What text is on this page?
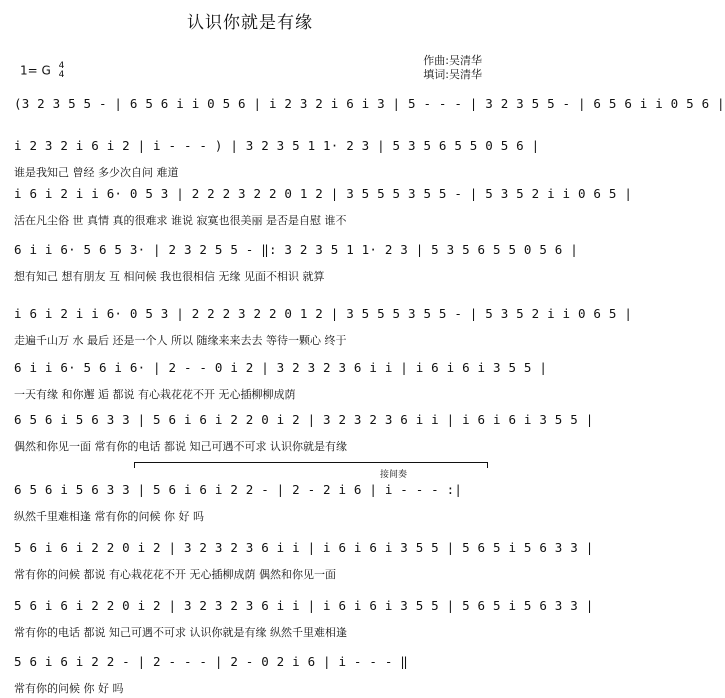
认识你就是有缘
1= G 4
4
作曲:吴清华
填词:吴清华
(3 2 3 5 5 - | 6 5 6 i i 0 5 6 | i 2 3 2 i 6 i 3 | 5 - - - | 3 2 3 5 5 - | 6 5 6 i i 0 5 6 |
i 2 3 2 i 6 i 2 | i - - - ) | 3 2 3 5 1 1· 2 3 | 5 3 5 6 5 5 0 5 6 |
谁是我知己 曾经 多少次自问 难道
i 6 i 2 i i 6· 0 5 3 | 2 2 2 3 2 2 0 1 2 | 3 5 5 5 3 5 5 - | 5 3 5 2 i i 0 6 5 |
活在凡尘俗 世 真情 真的很难求 谁说 寂寞也很美丽 是否是自慰 谁不
6 i i 6· 5 6 5 3· | 2 3 2 5 5 - ‖: 3 2 3 5 1 1· 2 3 | 5 3 5 6 5 5 0 5 6 |
想有知己 想有朋友 互 相问候 我也很相信 无缘 见面不相识 就算
i 6 i 2 i i 6· 0 5 3 | 2 2 2 3 2 2 0 1 2 | 3 5 5 5 3 5 5 - | 5 3 5 2 i i 0 6 5 |
走遍千山万 水 最后 还是一个人 所以 随缘来来去去 等待一颗心 终于
6 i i 6· 5 6 i 6· | 2 - - 0 i 2 | 3 2 3 2 3 6 i i | i 6 i 6 i 3 5 5 |
一天有缘 和你邂 逅 都说 有心栽花花不开 无心插柳柳成荫
6 5 6 i 5 6 3 3 | 5 6 i 6 i 2 2 0 i 2 | 3 2 3 2 3 6 i i | i 6 i 6 i 3 5 5 |
偶然和你见一面 常有你的电话 都说 知己可遇不可求 认识你就是有缘
接间奏
6 5 6 i 5 6 3 3 | 5 6 i 6 i 2 2 - | 2 - 2 i 6 | i - - - :|
纵然千里难相逢 常有你的问候 你 好 吗
5 6 i 6 i 2 2 0 i 2 | 3 2 3 2 3 6 i i | i 6 i 6 i 3 5 5 | 5 6 5 i 5 6 3 3 |
常有你的问候 都说 有心栽花花不开 无心插柳成荫 偶然和你见一面
5 6 i 6 i 2 2 0 i 2 | 3 2 3 2 3 6 i i | i 6 i 6 i 3 5 5 | 5 6 5 i 5 6 3 3 |
常有你的电话 都说 知己可遇不可求 认识你就是有缘 纵然千里难相逢
5 6 i 6 i 2 2 - | 2 - - - | 2 - 0 2 i 6 | i - - - ‖
常有你的问候 你 好 吗
